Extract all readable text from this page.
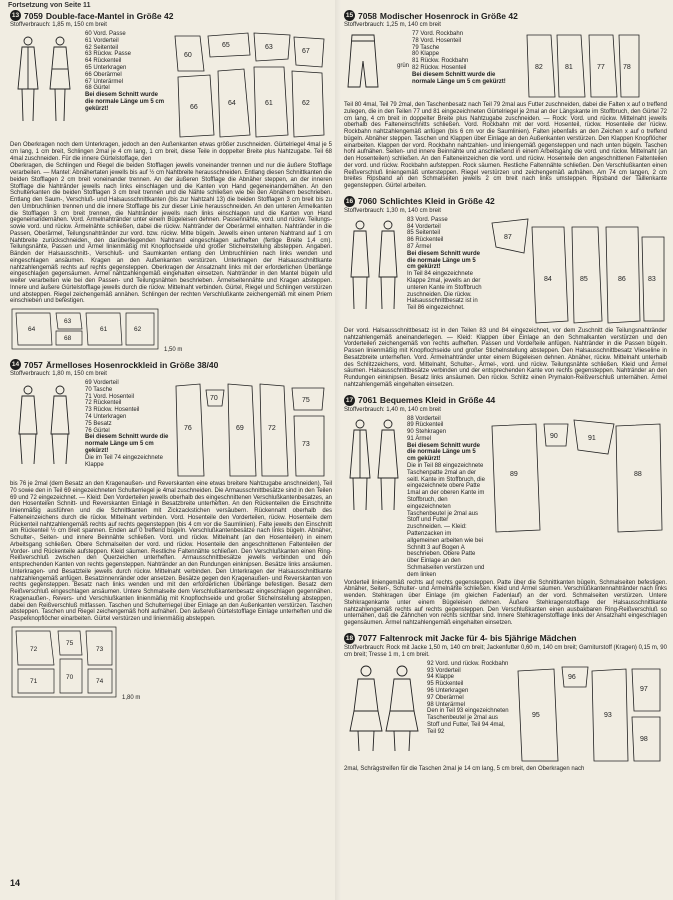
Fortsetzung von Seite 11
13 7059 Double-face-Mantel in Größe 42
Stoffverbrauch: 1,85 m, 150 cm breit
60 Vord. Passe
61 Vorderteil
62 Seitenteil
63 Rückw. Passe
64 Rückenteil
65 Unterkragen
66 Oberärmel
67 Unterärmel
68 Gürtel
Bei diesem Schnitt wurde die normale Länge um 5 cm gekürzt!
60
65	63
67
66
64	61	62

Den Oberkragen noch dem Unterkragen, jedoch an den Außenkanten etwas größer zuschneiden. Gürtelriegel 4mal je 5 cm lang, 1 cm breit, Schlingen 2mal je 4 cm lang, 1 cm breit, diese Teile in doppelter Breite plus Nahtzugabe. Teil 68 4mal zuschneiden. Für die innere Gürtelstoffage, den

Oberkragen, die Schlingen und Riegel die beiden Stofflagen jewells voneinander trennen und nur die äußere Stofflage verarbeiten. — Mantel: Abnähertaten jewells bis auf ½ cm Nahtbreite herausschneiden. Entlang diesen Schnittkanten die beiden Stofflagen 2 cm breit voneinander trennen. An der äußeren Stofflage die Abnäher steppen, an der inneren Stofflage die Nahtränder jewells nach links einschlagen und die Kanten von Hand gegeneinandernähen. An den Schulterkanten die beiden Stofflagen 3 cm breit trennen und die Nähte schließen wie bei den Abnähern beschrieben. Entlang den Saum-, Verschluß- und Halsausschnittkanten (bis zur Nahtzahl 13) die beiden Stofflagen 3 cm breit bis zu den Umbruchlinien trennen und die innere Stofflage bis zur dieser Linie herausschneiden. An den unteren Ärmelkanten die Stofflagen 3 cm breit trennen, die Nahtränder jewells nach links einschlagen und die Kanten von Hand gegeneinandernähen. Vord. Ärmelnahtränder unter einem Bügeleisen dehnen. Passennähte, vord. und rückw. Teilungs- sowie vord. und rückw. Ärmelnähte schließen, dabei die rückw. Nahtränder der Oberärmel einhalten. Nahtränder in die Passen, Oberärmel, Teilungsnahtränder zur vord. bzw. rückw. Mitte bügeln. Jewells einen unteren Nahtrand auf 1 cm Nahtbreite zurückschneiden, den darüberliegenden Nahtrand eingeschlagen aufheften (fertige Breite 1,4 cm). Teilungsnähte, Passen und Ärmel linienmäßig mit Knopflochseide und großer Stichelnstellung absteppen. Angaben. Bänden der Halsausschnitt-, Verschluß- und Saumkanten entlang den Umbruchlinien nach links wenden und eingeschlagen ansäumen. Kragen an den Außenkanten verstürzen. Unterkragen der Halsausschnittkante nahtzahlengemäß rechts auf rechts gegensteppen. Oberkragen der Ansatznaht links mit der erforderlichen Überlänge eingeschlagen gegensäumen. Ärmel nahtzahlengemäß eingehalten einsetzen. Nahtränder in den Mantel bügeln und weiter verarbeiten wie bei den Passen- und Teilungsnähten beschrieben. Ärmelseitennähte und Kragen absteppen. Innere und äußere Gürtelstofflage jewells durch die rückw. Mittelnaht verbinden. Gürtel, Riegel und Schlingen verstürzen und absteppen. Riegel zeichengemäß annähen. Schlingen der rechten Verschlußkante zeichengemäß mit einem Priem einschieben und befestigen.

64
63
68
61	62
1,50 m
14 7057 Ärmelloses Hosenrockkleid in Größe 38/40
Stoffverbrauch: 1,80 m, 150 cm breit
69 Vorderteil
70 Tasche
71 Vord. Hosenteil
72 Rückenteil
73 Rückw. Hosenteil
74 Unterkragen
75 Besatz
76 Gürtel
Bei diesem Schnitt wurde die normale Länge um 5 cm gekürzt!
Die im Teil 74 eingezeichnete Klappe
76
70
69	72
75
73

bis 76 je 2mal (dem Besatz an den Kragenaußen- und Reverskanten eine etwas breitere Nahtzugabe anschneiden), Teil 70 sowie den in Teil 69 eingezeichneten Schulterriegel je 4mal zuschneiden. Die Armausschnittbesätze sind in den Teilen 69 und 72 eingezeichnet. — Kleid: Den Vorderteilen jewells oberhalb des eingeschnittenen Verschlußkantenbesatzes, an den Hosenteilen Schnitt- und Reverskanten Einlage in Besatzbreite unterheften. An den Rückenteilen die Einschnitte linienmäßig ausführen und die Schnittkanten mit Zickzackstichen versäubern. Rückennaht oberhalb des Falteneinzeichens durch die rückw. Mittelnaht verbinden. Vord. Hosenteile den Vorderteilen, rückw. Hosenteile dem Rückenteil nahtzahlengemäß rechts auf rechts gegensteppen (bis 4 cm vor die Saumlinien). Falte jewells den Einschnitt am Rückenteil ½ cm breit spannen. Enden auf 0 treffend bügeln. Verschlußkantenbesätze nach links bügeln. Abnäher, Schulter-, Seiten- und innere Beinnähte schließen. Vord. und rückw. Mittelnaht (an den Hosenteilen) in einem Arbeitsgang schließen. Obere Schmalseiten der vord. und rückw. Hosenteile den angeschnittenen Faltenteilen der Vorder- und Rückenteile aufsteppen. Kleid säumen. Restliche Faltennähte schließen. Den Verschlußkanten einen Ring-Reißverschluß zwischen den Querzeichen unterheften. Armausschnittbesätze jewells verbinden und den entsprechenden Kanten von rechts gegensteppen. Nahtränder an den Rundungen einknipsen. Besätze links ansäumen. Unterkragen- und Besatzteile jewells durch rückw. Mittelnaht verbinden. Den Unterkragen der Halsausschnittkante nahtzahlengemäß anfügen. Besatzinnenränder oder ansetzen. Besätze gegen den Kragenaußen- und Reverskanten von rechts gegensteppen. Besatz nach links wenden und mit den erforderlichen Überlänge befestigen. Besatz dem Reißverschluß eingeschlagen ansäumen. Untere Schmalseite dem Verschlußkantenbesatz eingeschlagen gegennähen. Kragenaußen-, Revers- und Verschlußkanten linienmäßig mit Knopflochseide und großer Stichelnstellung absteppen, dabei den Reißverschluß mitfassen. Taschen und Schulterriegel über Einlage an den Außenkanten verstürzen. Taschen absteppen. Taschen und Riegel zeichengemäß hohl aufnähen. Den äußeren Gürtelstofflage Einlage unterheften und die Paspelknopflöcher einarbeiten. Gürtel verstürzen und linienmäßig absteppen.

72
75
73
71
70
74
1,80 m
15 7058 Modischer Hosenrock in Größe 42
Stoffverbrauch: 1,25 m, 140 cm breit
grün
77 Vord. Rockbahn
78 Vord. Hosenteil
79 Tasche
80 Klappe
81 Rückw. Rockbahn
82 Rückw. Hosenteil
Bei diesem Schnitt wurde die normale Länge um 5 cm gekürzt!
82	81	77	78

Teil 80 4mal, Teil 79 2mal, den Taschenbesatz nach Teil 79 2mal aus Futter zuschneiden, dabei die Falten x auf o treffend zulegen, die in den Teilen 77 und 81 eingezeichneten Gürtelriegel je 2mal an der Längskante im Stoffbruch, den Gürtel 72 cm lang, 4 cm breit in doppelter Breite plus Nahtzugabe zuschneiden. — Rock: Vord. und rückw. Mittelnaht jewells oberhalb des Falteneinschnitts schließen. Vord. Rockbahn mit der vord. Hosenteil, rückw. Hosenteile der rückw. Rockbahn nahtzahlengemäß anfügen (bis 6 cm vor die Saumlinien). Falten jebenfalls an den Zeichen x auf o treffend bügeln. Abnäher steppen. Taschen und Klappen über Einlage an den Außenkanten verstürzen. Den Klappen Knopflöcher einarbeiten. Klappen der vord. Rockbahn nahtzahlen- und liniengemäß gegensteppen und nach unten bügeln. Taschen hohl aufnähen. Seiten- und innere Beinnähte und anschließend in einem Arbeitsgang die vord. und rückw. Mittelnaht (an den Hosenteilen) schließen. An den Falteneinzeichen die vord. und rückw. Hosenteile den angeschnittenen Faltenteilen der vord. und rückw. Rockbahn aufsteppen. Rock säumen. Restliche Faltennähte schließen. Den Verschlußkanten einen Reißverschluß liniengemäß untersteppen. Riegel verstürzen und zeichengemäß aufnähen. Am 74 cm langen, 2 cm breites Ripsband an den Schmalseiten jewells 2 cm breit nach links umsteppen. Ripsband der Taillenkante gegensteppen. Gürtel arbeiten.

16 7060 Schlichtes Kleid in Größe 42
Stoffverbrauch: 1,30 m, 140 cm breit
83 Vord. Passe
84 Vorderteil
85 Seitenteil
86 Rückenteil
87 Ärmel
Bei diesem Schnitt wurde die normale Länge um 5 cm gekürzt!
In Teil 84 eingezeichnete Klappe 2mal, jewells an der unteren Kante im Stoffbruch zuschneiden. Die rückw. Halsausschnittbesatz ist in Teil 86 eingezeichnet.
87
84	85	86	83

Der vord. Halsausschnittbesatz ist in den Teilen 83 und 84 eingezeichnet, vor dem Zuschnitt die Teilungsnahtränder nahtzahlengemäß aneinanderlegen. — Kleid: Klappen über Einlage an den Schmalkanten verstürzen und den Vorderteilen zeichengemäß von rechts aufheften. Passen und Vorderteile anfügen. Nahtränder in die Passen bügeln. Passen linienmäßig mit Knopflochseide und großer Stichelnstellung absteppen. Den Halsausschnittbesatz Vlieseline in Besatzbreite unterheften. Vord. Ärmelnahtränder unter einem Bügeleisen dehnen. Abnäher, rückw. Mittelnaht unterhalb des Schlitzzeichens, vord. Mittelnaht, Schulter-, Ärmel-, vord. und rückw. Teilungsnähte schließen. Kleid und Ärmel säumen. Halsausschnittbesätze verbinden und der entsprechenden Kante von rechts gegensteppen. Nahtränder an den Rundungen einknipsen. Besatz links ansäumen. Den rückw. Schlitz einen Prymalon-Reißverschluß unternähen. Ärmel nahtzahlengemäß eingehalten einsetzen.

17 7061 Bequemes Kleid in Größe 44
Stoffverbrauch: 1,40 m, 140 cm breit
88 Vorderteil
89 Rückenteil
90 Stehkragen
91 Ärmel
Bei diesem Schnitt wurde die normale Länge um 5 cm gekürzt!
Die in Teil 88 eingezeichnete Taschenpatte 2mal an der seitl. Kante im Stoffbruch, die eingezeichnete obere Patte 1mal an der oberen Kante im Stoffbruch, den eingezeichneten Taschenbeutel je 2mal aus Stoff und Futter zuschneiden. — Kleid: Pattenzacken im allgemeinen arbeiten wie bei Schnitt 3 auf Bogen A beschrieben. Obere Patte über Einlage an den Schmalseiten verstürzen und dem linken
89
90	91
88

Vorderteil liniengemäß rechts auf rechts gegensteppen. Patte über die Schnittkanten bügeln, Schmalseiten befestigen. Abnäher, Seiten-, Schulter- und Ärmelnähte schließen. Kleid und Ärmel säumen. Verschlußkantennahtränder nach links wenden. Stehkragen über Einlage (im gleichen Fadenlauf) an der vord. Schmalseiten verstürzen. Untere Stehkragenkante unter einem Bügeleisen dehnen. Äußere Stehkragenstofflage der Halsausschnittkante nahtzahlengemäß rechts auf rechts gegensteppen. Den Verschlußkanten einen ausbakbaren Ring-Reißverschluß so unternähen, daß die Zähnchen von rechts sichtbar sind. Innere Stehkragenstofflage links der Ansatznaht eingeschlagen gegensäumen. Ärmel nahtzahlengemäß eingehalten einsetzen.

18 7077 Faltenrock mit Jacke für 4- bis 5jährige Mädchen
Stoffverbrauch: Rock mit Jacke 1,50 m, 140 cm breit; Jackenfutter 0,60 m, 140 cm breit; Garniturstoff (Kragen) 0,15 m, 90 cm breit; Tresse 1 m, 1 cm breit.
92 Vord. und rückw. Rockbahn
93 Vorderteil
94 Klappe
95 Rückenteil
96 Unterkragen
97 Oberärmel
98 Unterärmel
Den in Teil 93 eingezeichneten Taschenbeutel je 2mal aus Stoff und Futter, Teil 94 4mal, Teil 92
95
96
93
97
98

2mal, Schrägstreifen für die Taschen 2mal je 14 cm lang, 5 cm breit, den Oberkragen nach

14
